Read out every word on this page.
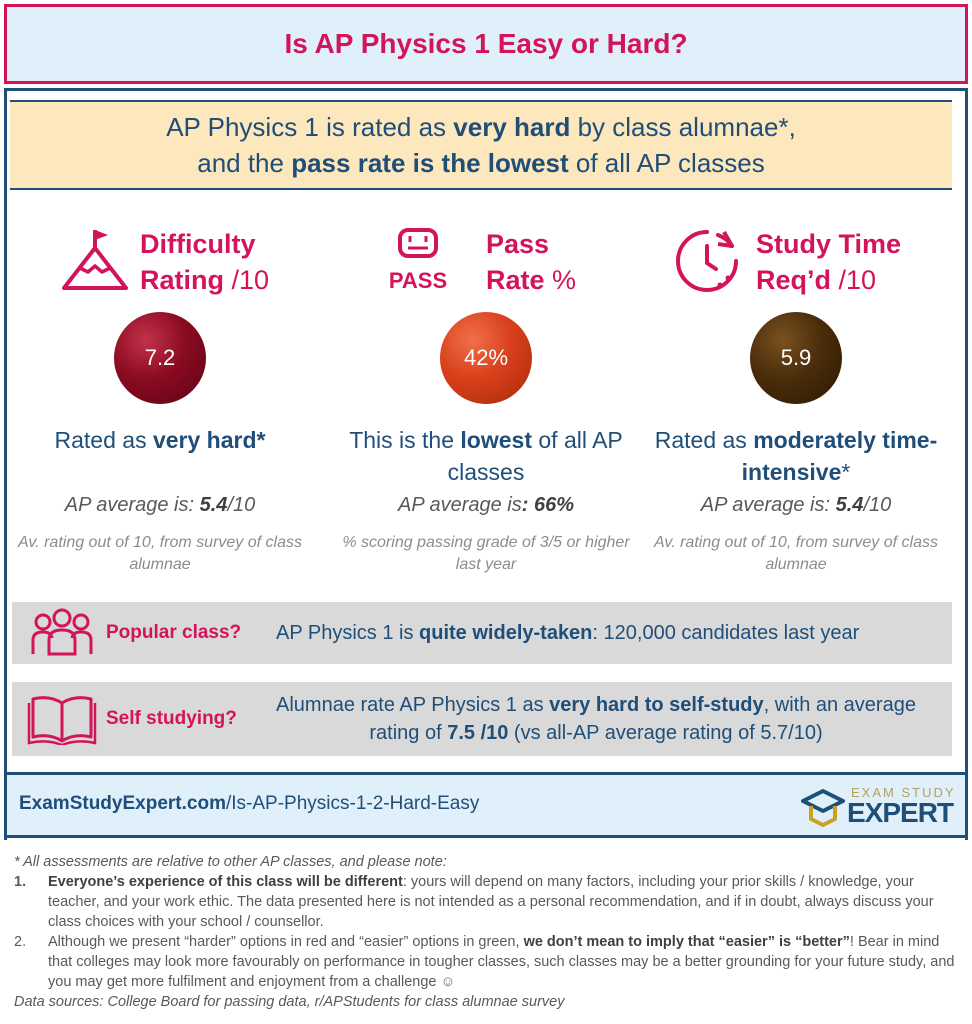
Is AP Physics 1 Easy or Hard?
AP Physics 1 is rated as very hard by class alumnae*,
and the pass rate is the lowest of all AP classes
Difficulty
Rating /10
7.2
Rated as very hard*
AP average is: 5.4/10
Av. rating out of 10, from survey of class alumnae
PASS
Pass
Rate %
42%
This is the lowest of all AP classes
AP average is: 66%
% scoring passing grade of 3/5 or higher last year
Study Time
Req’d /10
5.9
Rated as moderately time-intensive*
AP average is: 5.4/10
Av. rating out of 10, from survey of class alumnae
Popular class?	AP Physics 1 is quite widely-taken: 120,000 candidates last year
Self studying?
Alumnae rate AP Physics 1 as very hard to self-study, with an average rating of 7.5 /10 (vs all-AP average rating of 5.7/10)
ExamStudyExpert.com/Is-AP-Physics-1-2-Hard-Easy
EXAM STUDY
EXPERT
* All assessments are relative to other AP classes, and please note:
1.	Everyone’s experience of this class will be different: yours will depend on many factors, including your prior skills / knowledge, your teacher, and your work ethic. The data presented here is not intended as a personal recommendation, and if in doubt, always discuss your class choices with your school / counsellor.
2.	Although we present “harder” options in red and “easier” options in green, we don’t mean to imply that “easier” is “better”! Bear in mind that colleges may look more favourably on performance in tougher classes, such classes may be a better grounding for your future study, and you may get more fulfilment and enjoyment from a challenge ☺
Data sources: College Board for passing data, r/APStudents for class alumnae survey
